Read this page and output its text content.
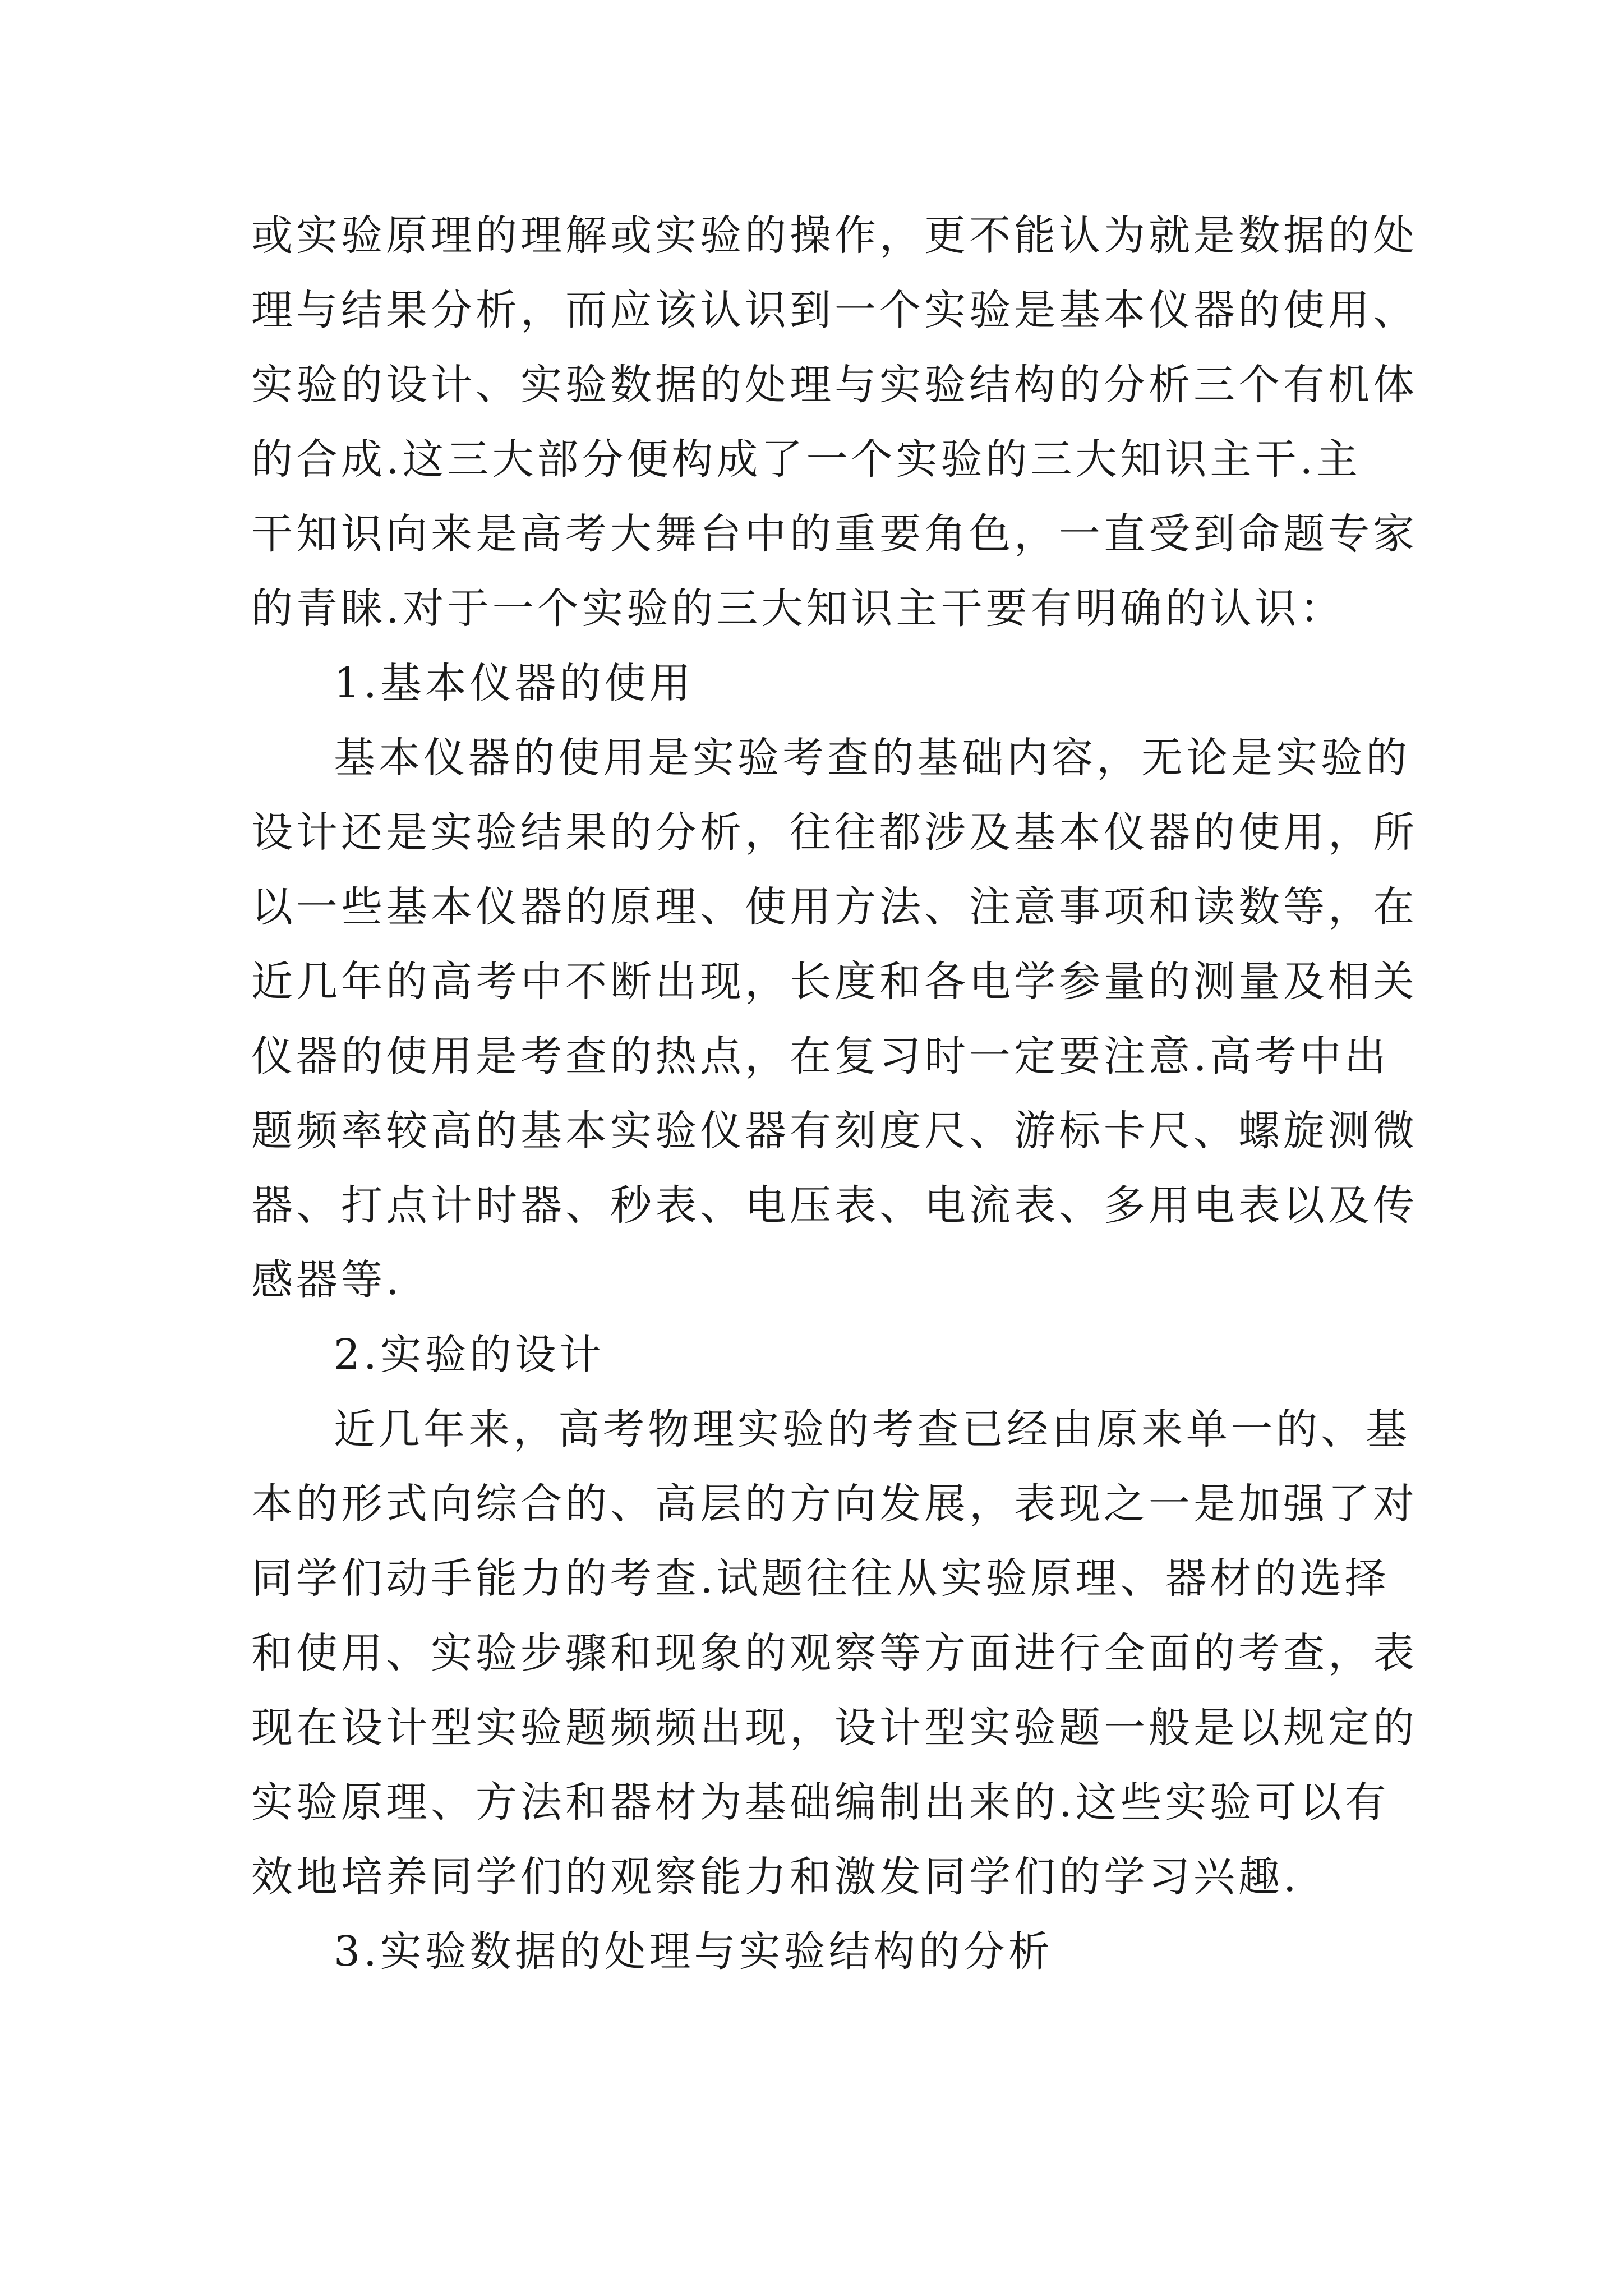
或实验原理的理解或实验的操作，更不能认为就是数据的处
理与结果分析，而应该认识到一个实验是基本仪器的使用、
实验的设计、实验数据的处理与实验结构的分析三个有机体
的合成.这三大部分便构成了一个实验的三大知识主干.主
干知识向来是高考大舞台中的重要角色，一直受到命题专家
的青睐.对于一个实验的三大知识主干要有明确的认识：
1.基本仪器的使用
基本仪器的使用是实验考查的基础内容，无论是实验的
设计还是实验结果的分析，往往都涉及基本仪器的使用，所
以一些基本仪器的原理、使用方法、注意事项和读数等，在
近几年的高考中不断出现，长度和各电学参量的测量及相关
仪器的使用是考查的热点，在复习时一定要注意.高考中出
题频率较高的基本实验仪器有刻度尺、游标卡尺、螺旋测微
器、打点计时器、秒表、电压表、电流表、多用电表以及传
感器等.
2.实验的设计
近几年来，高考物理实验的考查已经由原来单一的、基
本的形式向综合的、高层的方向发展，表现之一是加强了对
同学们动手能力的考查.试题往往从实验原理、器材的选择
和使用、实验步骤和现象的观察等方面进行全面的考查，表
现在设计型实验题频频出现，设计型实验题一般是以规定的
实验原理、方法和器材为基础编制出来的.这些实验可以有
效地培养同学们的观察能力和激发同学们的学习兴趣.
3.实验数据的处理与实验结构的分析
